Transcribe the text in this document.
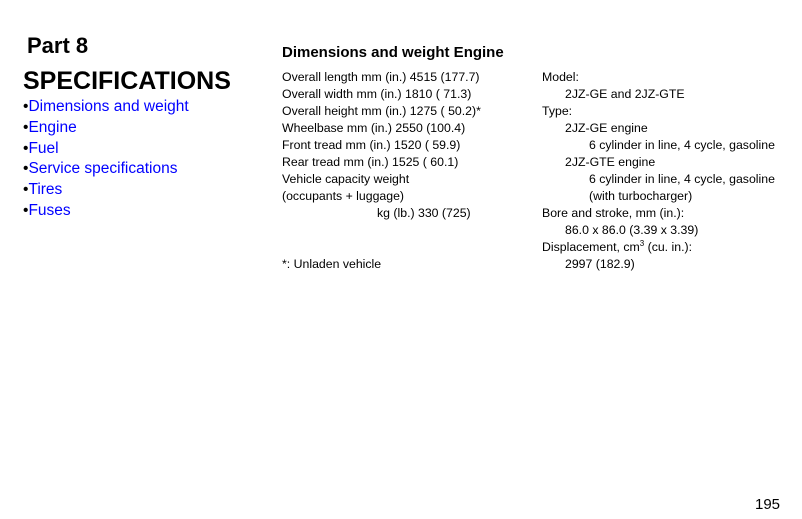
Part 8
SPECIFICATIONS
•Dimensions and weight
•Engine
•Fuel
•Service specifications
•Tires
•Fuses
Dimensions and weight Engine
Overall length mm (in.) 4515 (177.7)
Overall width mm (in.) 1810 ( 71.3)
Overall height mm (in.) 1275 ( 50.2)*
Wheelbase mm (in.) 2550 (100.4)
Front tread mm (in.) 1520 ( 59.9)
Rear tread mm (in.) 1525 ( 60.1)
Vehicle capacity weight
(occupants + luggage)
kg (lb.) 330 (725)
*: Unladen vehicle
Model:
2JZ-GE and 2JZ-GTE
Type:
2JZ-GE engine
6 cylinder in line, 4 cycle, gasoline
2JZ-GTE engine
6 cylinder in line, 4 cycle, gasoline
(with turbocharger)
Bore and stroke, mm (in.):
86.0 x 86.0 (3.39 x 3.39)
Displacement, $cm^3$ (cu. in.):
2997 (182.9)
195
